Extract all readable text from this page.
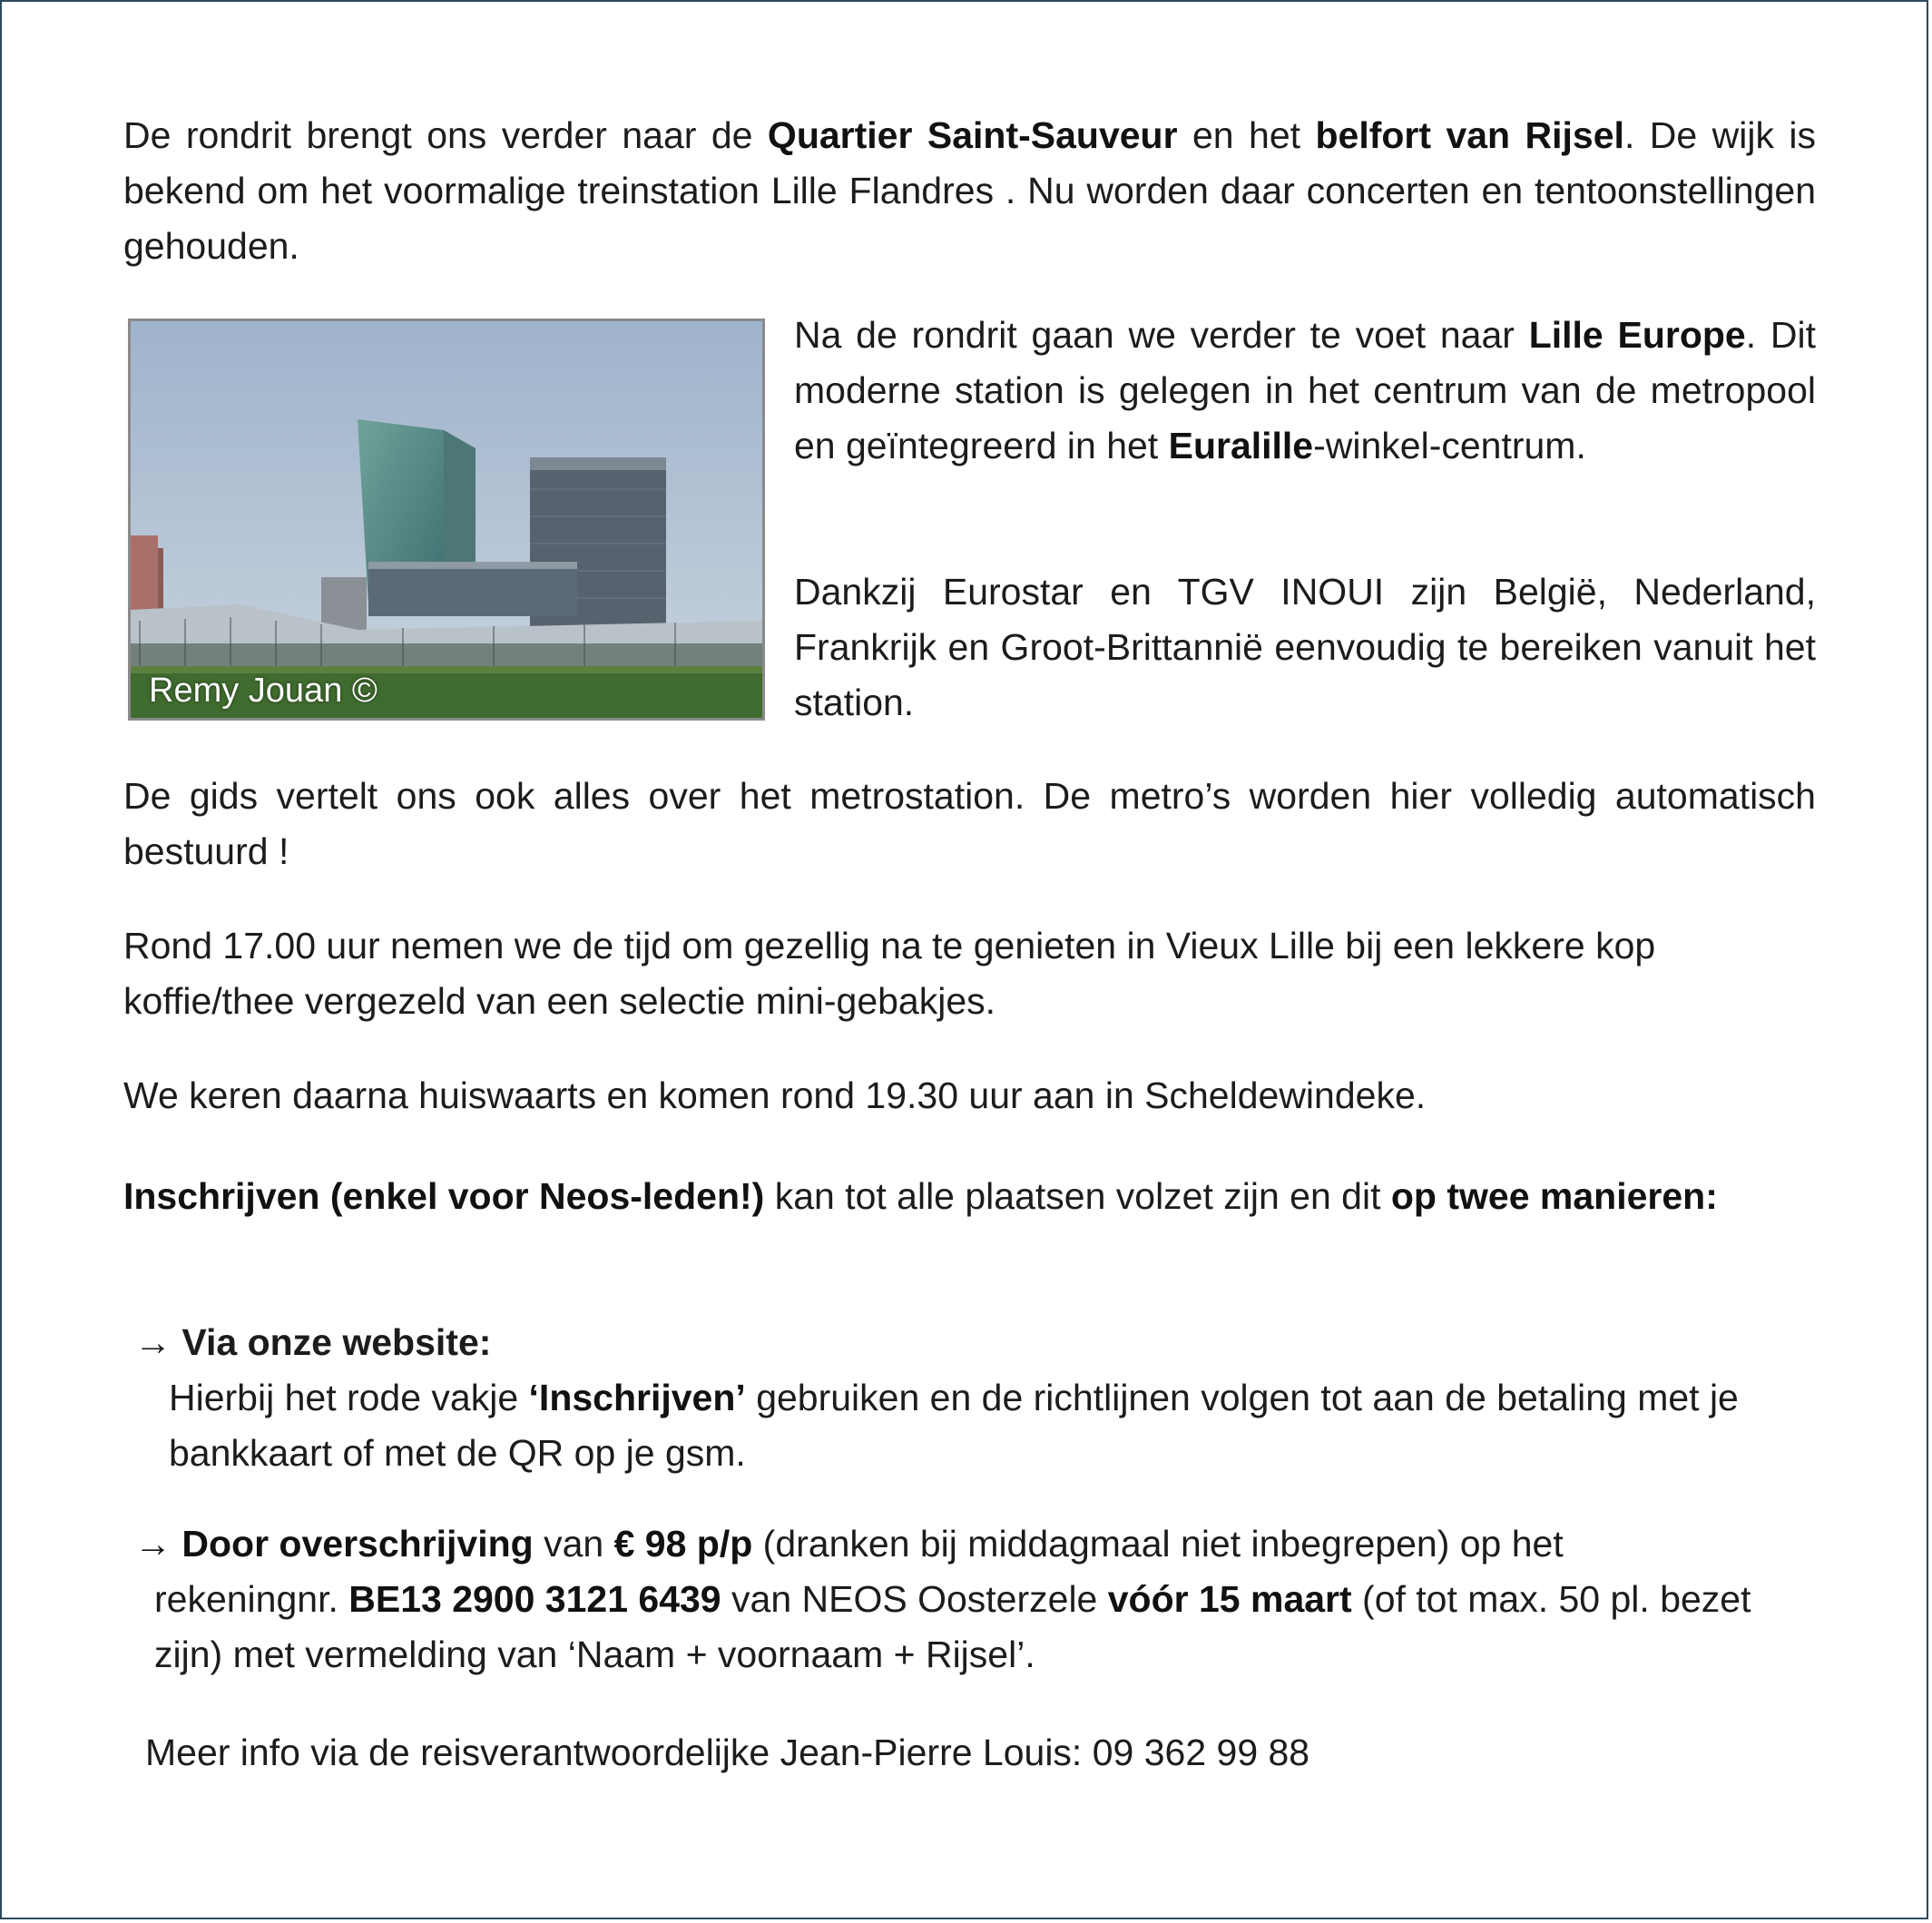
De rondrit brengt ons verder naar de Quartier Saint-Sauveur en het belfort van Rijsel. De wijk is bekend om het voormalige treinstation Lille Flandres . Nu worden daar concerten en tentoonstellingen gehouden.

Remy Jouan ©

Na de rondrit gaan we verder te voet naar Lille Europe. Dit moderne station is gelegen in het centrum van de metropool en geïntegreerd in het Euralille-winkel-centrum.

Dankzij Eurostar en TGV INOUI zijn België, Nederland, Frankrijk en Groot-Brittannië eenvoudig te bereiken vanuit het station.

De gids vertelt ons ook alles over het metrostation. De metro’s worden hier volledig automatisch bestuurd !

Rond 17.00 uur nemen we de tijd om gezellig na te genieten in Vieux Lille bij een lekkere kop koffie/thee vergezeld van een selectie mini-gebakjes.

We keren daarna huiswaarts en komen rond 19.30 uur aan in Scheldewindeke.

Inschrijven (enkel voor Neos-leden!) kan tot alle plaatsen volzet zijn en dit op twee manieren:

→ Via onze website:

Hierbij het rode vakje ‘Inschrijven’ gebruiken en de richtlijnen volgen tot aan de betaling met je bankkaart of met de QR op je gsm.

→ Door overschrijving van € 98 p/p (dranken bij middagmaal niet inbegrepen) op het
rekeningnr. BE13 2900 3121 6439 van NEOS Oosterzele vóór 15 maart (of tot max. 50 pl. bezet zijn) met vermelding van ‘Naam + voornaam + Rijsel’.

Meer info via de reisverantwoordelijke Jean-Pierre Louis: 09 362 99 88
